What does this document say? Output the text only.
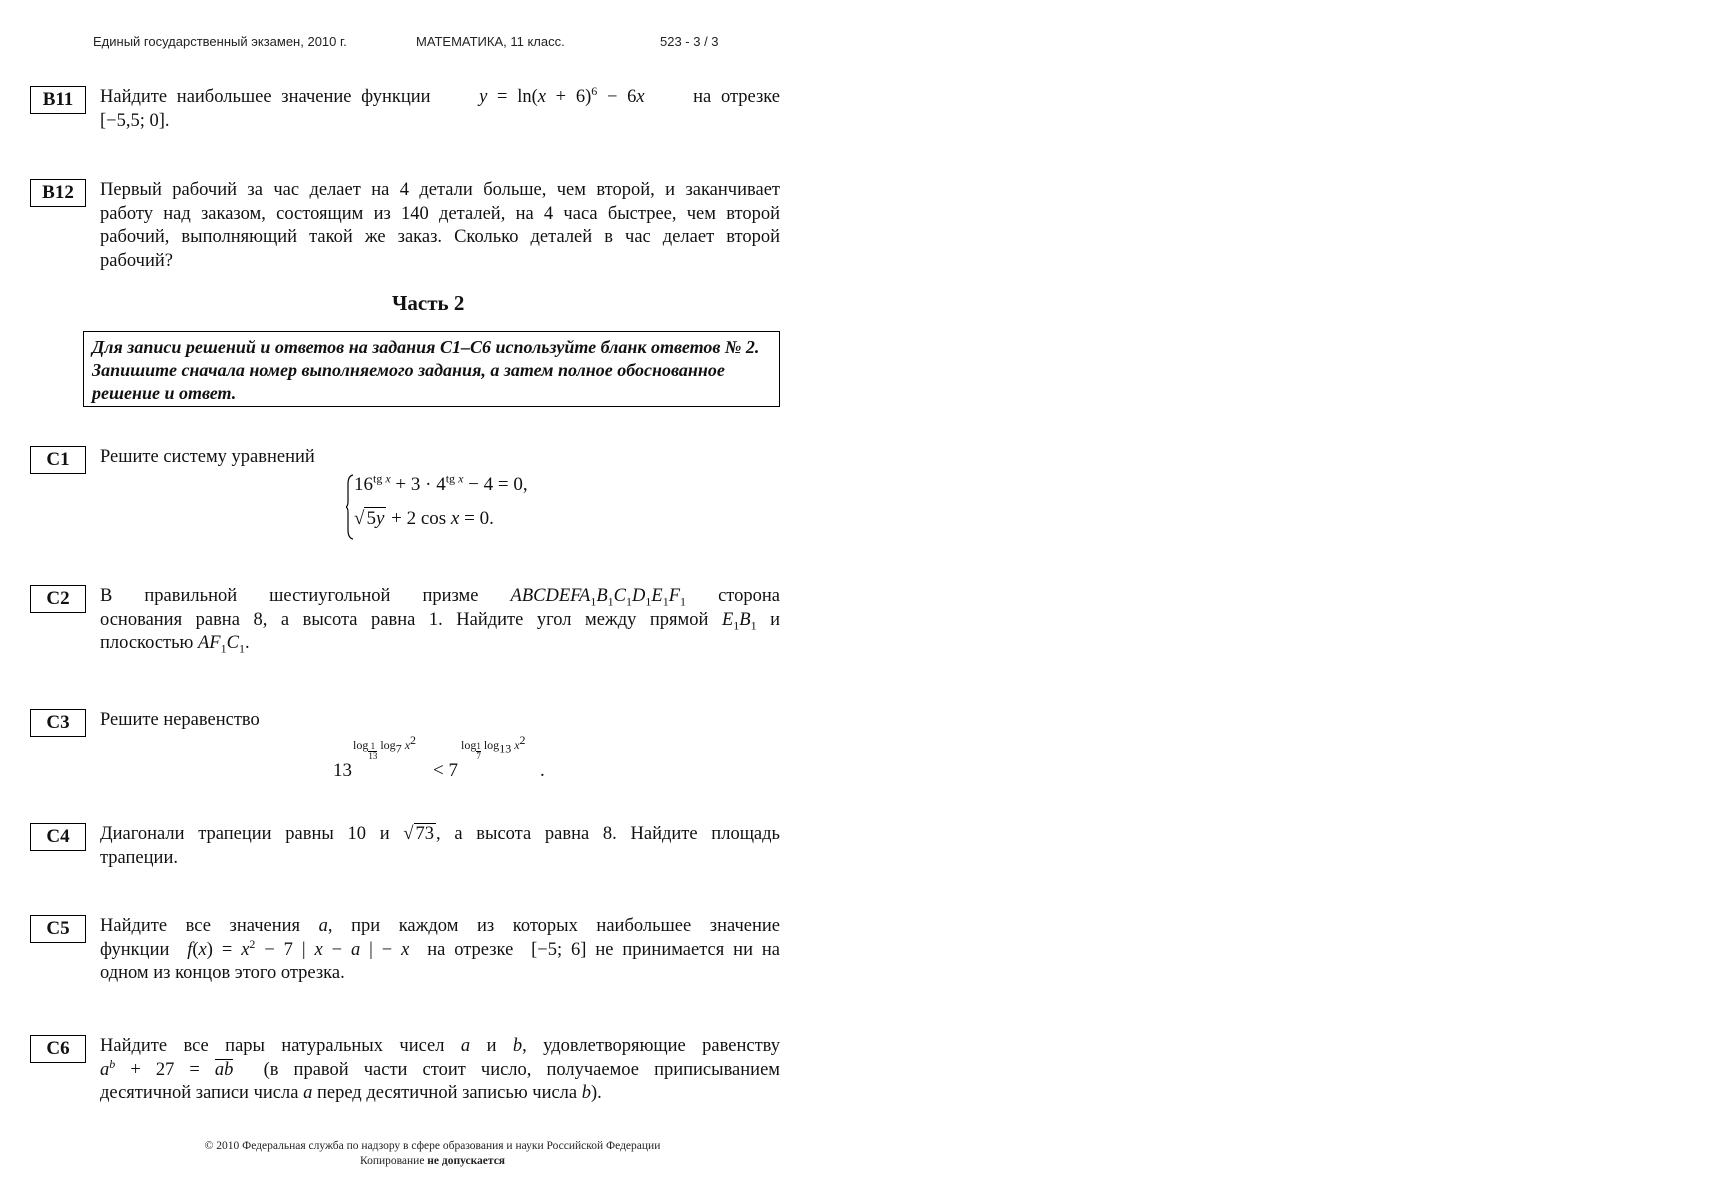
Единый государственный экзамен, 2010 г.	МАТЕМАТИКА, 11 класс.	523 - 3 / 3
B11	Найдите наибольшее значение функции	$y = \ln(x + 6)^6 - 6x$	на отрезке
[−5,5; 0].
B12	Первый рабочий за час делает на 4 детали больше, чем второй, и заканчивает
работу над заказом, состоящим из 140 деталей, на 4 часа быстрее, чем второй
рабочий, выполняющий такой же заказ. Сколько деталей в час делает второй
рабочий?
Часть 2
Для записи решений и ответов на задания С1–С6 используйте бланк ответов № 2. Запишите сначала номер выполняемого задания, а затем полное обоснованное решение и ответ.
C1	Решите систему уравнений
$16^{tg x} + 3 \cdot 4^{tg x} - 4 = 0$,
√ 5y + 2 cos x = 0.
C2	В правильной шестиугольной призме $ABCDEFA_1B_1C_1D_1E_1F_1$ сторона
основания равна 8, а высота равна 1. Найдите угол между прямой $E_1B_1$ и
плоскостью $AF_1C_1$.
C3	Решите неравенство
13
log 1
13 $\log_7 x^2$
< 7
log 1
7 $\log_{13} x^2$
.
C4	Диагонали трапеции равны 10 и √ 73 , а высота равна 8. Найдите площадь
трапеции.
C5	Найдите все значения a, при каждом из которых наибольшее значение
функции  $f(x) = x^2 - 7$ | x − a | − x  на отрезке  [−5; 6] не принимается ни на
одном из концов этого отрезка.
C6	Найдите все пары натуральных чисел a и b, удовлетворяющие равенству
$a^b + 27$ = ab  (в правой части стоит число, получаемое приписыванием
десятичной записи числа a перед десятичной записью числа b).
© 2010 Федеральная служба по надзору в сфере образования и науки Российской Федерации
Копирование не допускается
